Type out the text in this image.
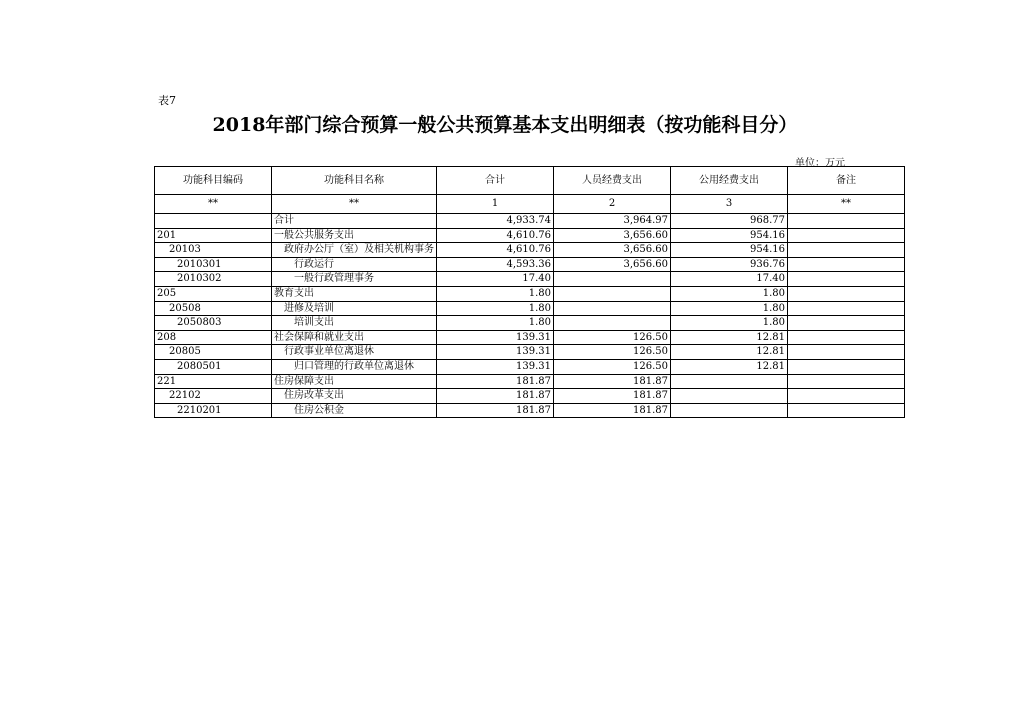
表7
2018年部门综合预算一般公共预算基本支出明细表（按功能科目分）
单位：万元
功能科目编码	功能科目名称	合计	人员经费支出	公用经费支出	备注
**	**	1	2	3	**
	合计	4,933.74	3,964.97	968.77	
201	一般公共服务支出	4,610.76	3,656.60	954.16	
20103	政府办公厅（室）及相关机构事务	4,610.76	3,656.60	954.16	
2010301	行政运行	4,593.36	3,656.60	936.76	
2010302	一般行政管理事务	17.40		17.40	
205	教育支出	1.80		1.80	
20508	进修及培训	1.80		1.80	
2050803	培训支出	1.80		1.80	
208	社会保障和就业支出	139.31	126.50	12.81	
20805	行政事业单位离退休	139.31	126.50	12.81	
2080501	归口管理的行政单位离退休	139.31	126.50	12.81	
221	住房保障支出	181.87	181.87		
22102	住房改革支出	181.87	181.87		
2210201	住房公积金	181.87	181.87		
